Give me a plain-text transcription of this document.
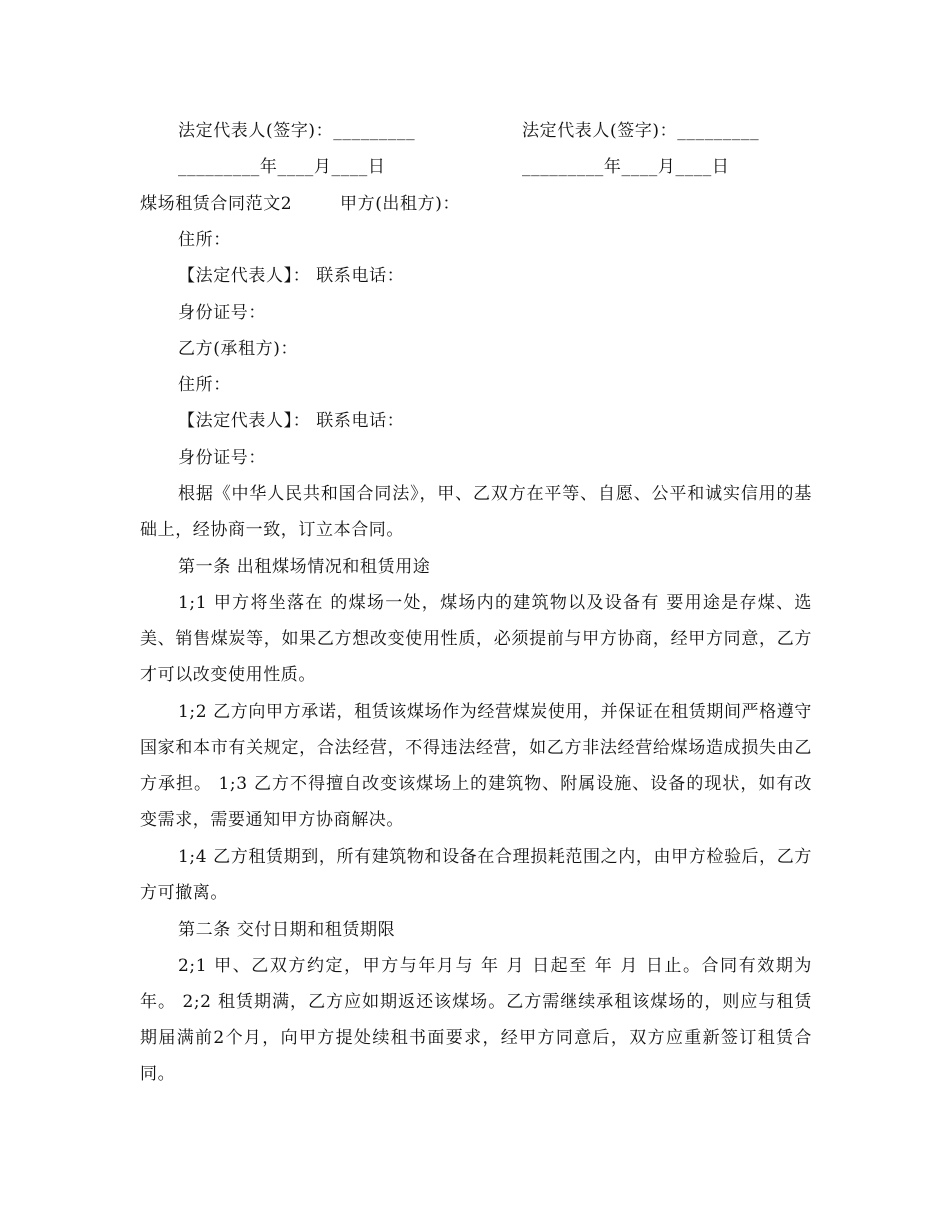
法定代表人(签字)：_________	法定代表人(签字)：_________
_________年____月____日	_________年____月____日
煤场租赁合同范文2	甲方(出租方)：
住所：
【法定代表人】： 联系电话：
身份证号：
乙方(承租方)：
住所：
【法定代表人】： 联系电话：
身份证号：

根据《中华人民共和国合同法》，甲、乙双方在平等、自愿、公平和诚实信用的基础上，经协商一致，订立本合同。

第一条 出租煤场情况和租赁用途

1;1 甲方将坐落在 的煤场一处，煤场内的建筑物以及设备有 要用途是存煤、选美、销售煤炭等，如果乙方想改变使用性质，必须提前与甲方协商，经甲方同意，乙方才可以改变使用性质。

1;2 乙方向甲方承诺，租赁该煤场作为经营煤炭使用，并保证在租赁期间严格遵守国家和本市有关规定，合法经营，不得违法经营，如乙方非法经营给煤场造成损失由乙方承担。 1;3 乙方不得擅自改变该煤场上的建筑物、附属设施、设备的现状，如有改变需求，需要通知甲方协商解决。

1;4 乙方租赁期到，所有建筑物和设备在合理损耗范围之内，由甲方检验后，乙方方可撤离。

第二条 交付日期和租赁期限

2;1 甲、乙双方约定，甲方与年月与 年 月 日起至 年 月 日止。合同有效期为年。 2;2 租赁期满，乙方应如期返还该煤场。乙方需继续承租该煤场的，则应与租赁期届满前2个月，向甲方提处续租书面要求，经甲方同意后，双方应重新签订租赁合同。
